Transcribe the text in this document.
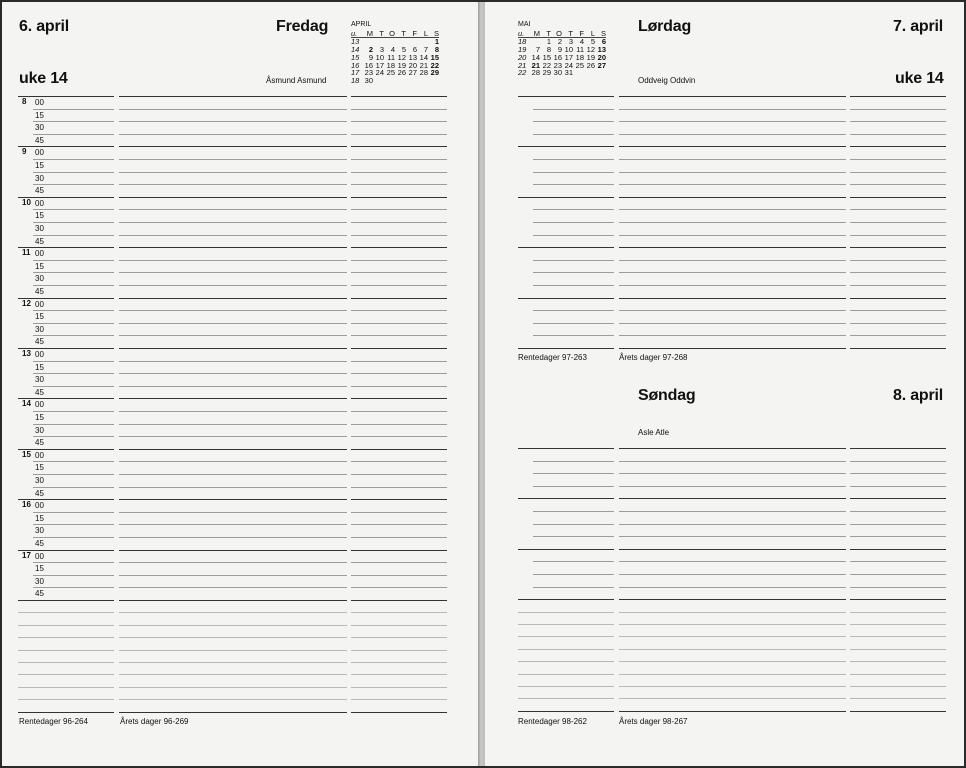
6. april	Fredag
uke 14	Åsmund Asmund
APRIL
u.	M	T	O	T	F	L	S
13							1
14	2	3	4	5	6	7	8
15	9	10	11	12	13	14	15
16	16	17	18	19	20	21	22
17	23	24	25	26	27	28	29
18	30						
Rentedager 96-264	Årets dager 96-269
8 00
15
30
45
9 00
15
30
45
10 00
15
30
45
11 00
15
30
45
12 00
15
30
45
13 00
15
30
45
14 00
15
30
45
15 00
15
30
45
16 00
15
30
45
17 00
15
30
45
MAI
u.	M	T	O	T	F	L	S
18		1	2	3	4	5	6
19	7	8	9	10	11	12	13
20	14	15	16	17	18	19	20
21	21	22	23	24	25	26	27
22	28	29	30	31			
Lørdag	7. april
uke 14
Oddveig Oddvin
Rentedager 97-263	Årets dager 97-268
Søndag	8. april
Asle Atle
Rentedager 98-262	Årets dager 98-267
